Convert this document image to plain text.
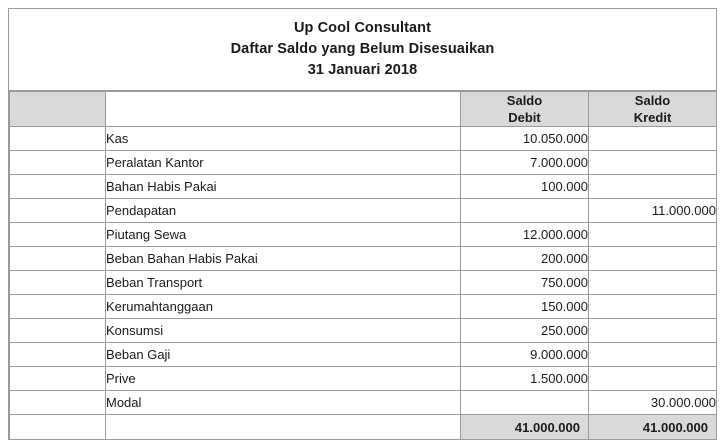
Up Cool Consultant
Daftar Saldo yang Belum Disesuaikan
31 Januari 2018

Saldo
Debit

Saldo
Kredit

	Kas	10.050.000	
	Peralatan Kantor	7.000.000	
	Bahan Habis Pakai	100.000	
	Pendapatan		11.000.000
	Piutang Sewa	12.000.000	
	Beban Bahan Habis Pakai	200.000	
	Beban Transport	750.000	
	Kerumahtanggaan	150.000	
	Konsumsi	250.000	
	Beban Gaji	9.000.000	
	Prive	1.500.000	
	Modal		30.000.000
		41.000.000	41.000.000
